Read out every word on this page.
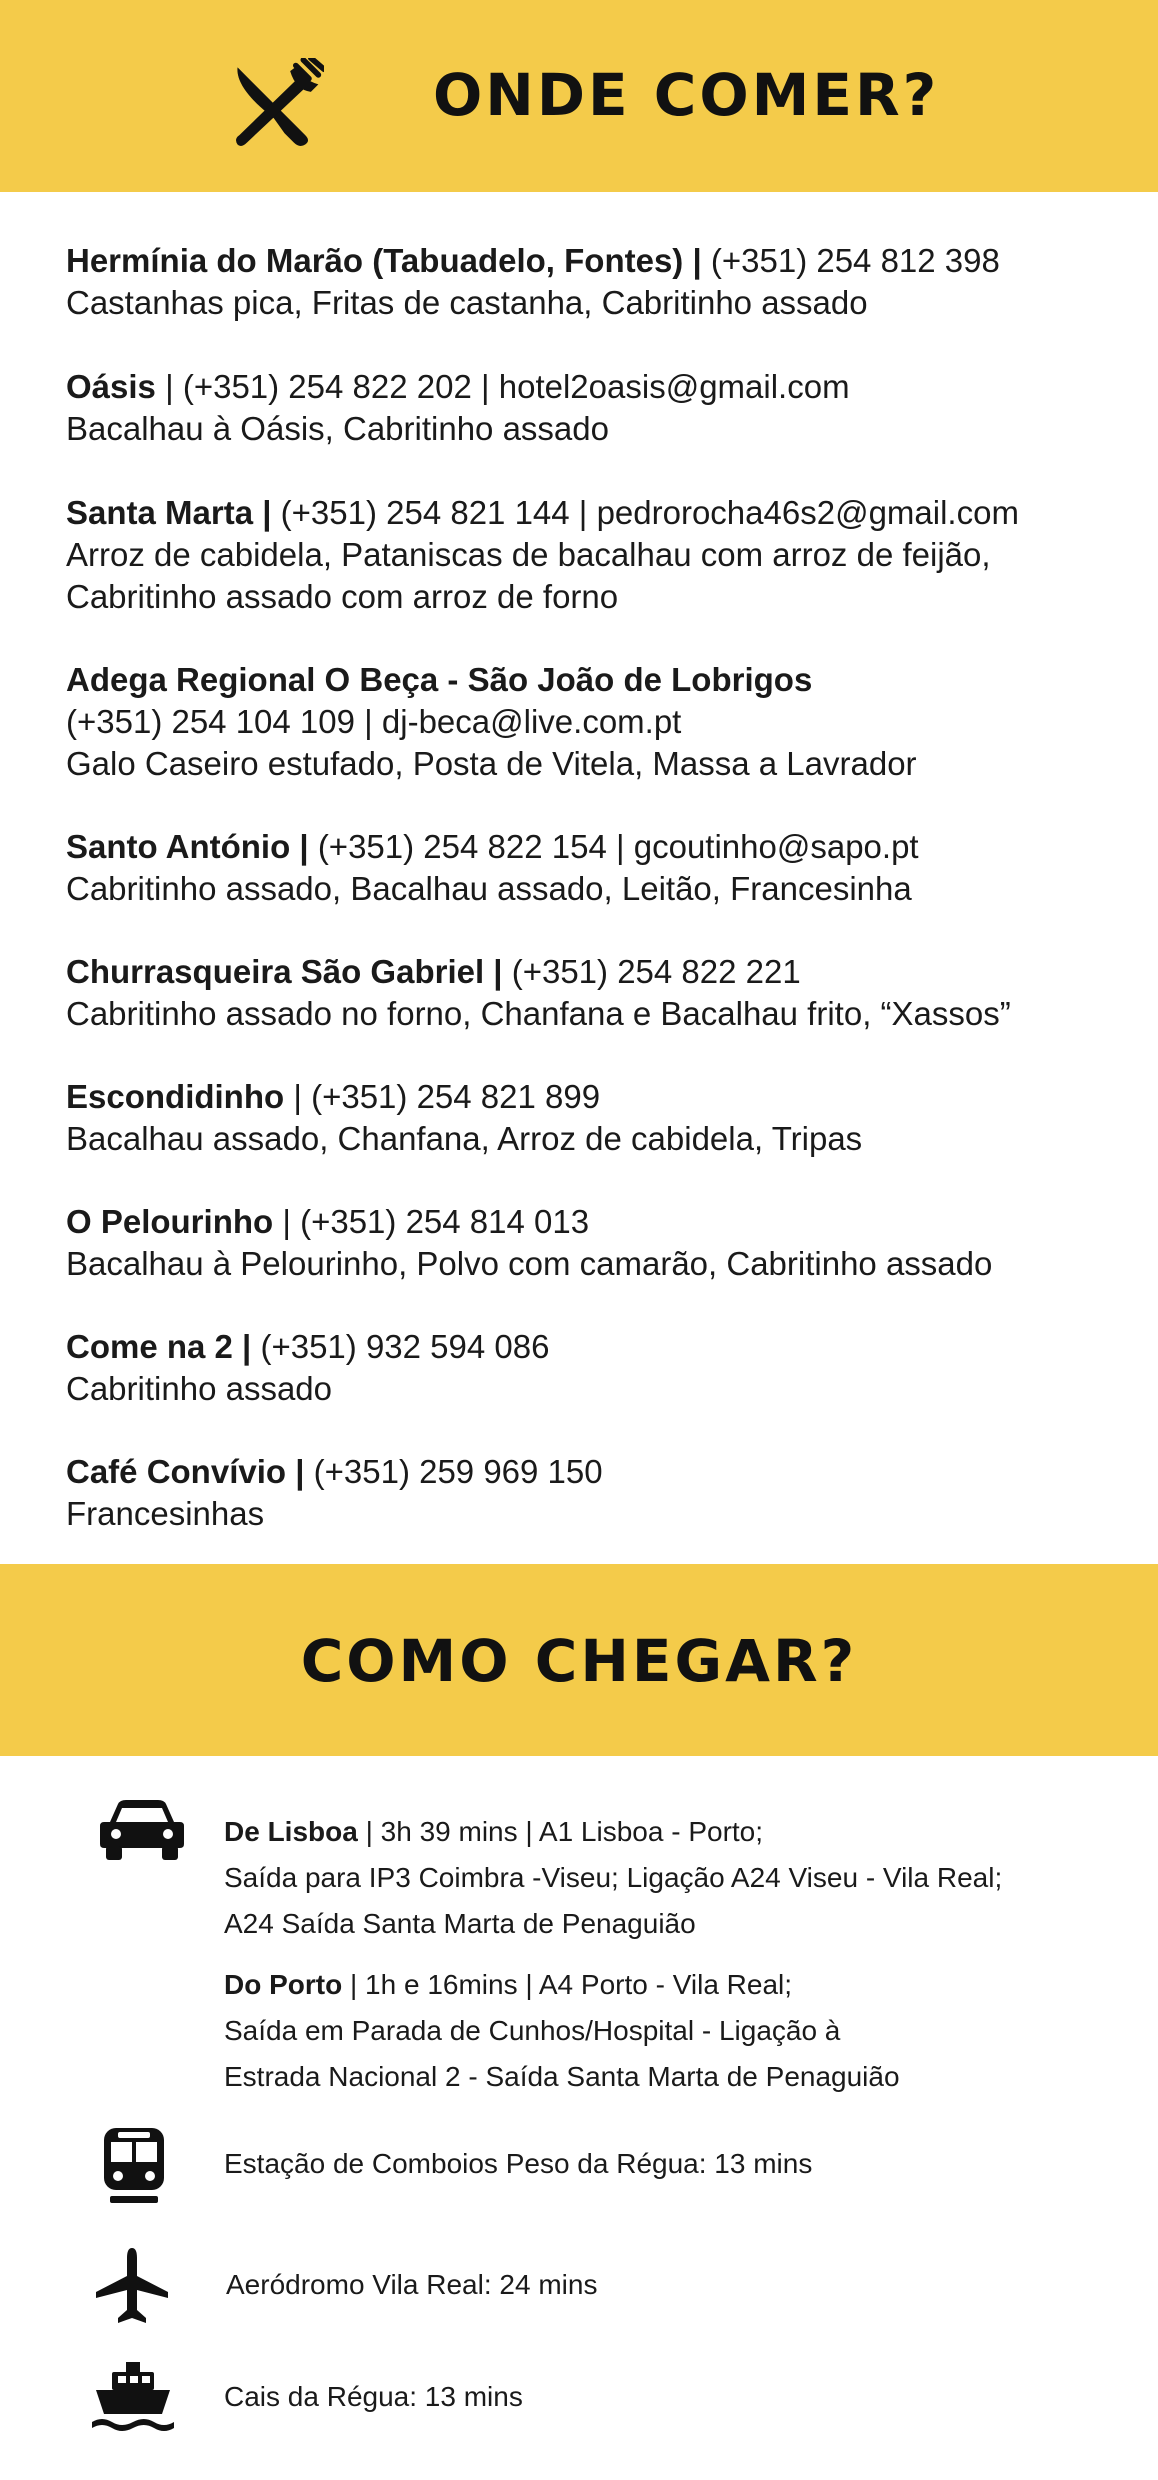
ONDE COMER?
Hermínia do Marão (Tabuadelo, Fontes) | (+351) 254 812 398
Castanhas pica, Fritas de castanha, Cabritinho assado
Oásis | (+351) 254 822 202 | hotel2oasis@gmail.com
Bacalhau à Oásis, Cabritinho assado
Santa Marta | (+351) 254 821 144 | pedrorocha46s2@gmail.com
Arroz de cabidela, Pataniscas de bacalhau com arroz de feijão,
Cabritinho assado com arroz de forno
Adega Regional O Beça - São João de Lobrigos
(+351) 254 104 109 | dj-beca@live.com.pt
Galo Caseiro estufado, Posta de Vitela, Massa a Lavrador
Santo António | (+351) 254 822 154 | gcoutinho@sapo.pt
Cabritinho assado, Bacalhau assado, Leitão, Francesinha
Churrasqueira São Gabriel | (+351) 254 822 221
Cabritinho assado no forno, Chanfana e Bacalhau frito, “Xassos”
Escondidinho | (+351) 254 821 899
Bacalhau assado, Chanfana, Arroz de cabidela, Tripas
O Pelourinho | (+351) 254 814 013
Bacalhau à Pelourinho, Polvo com camarão, Cabritinho assado
Come na 2 | (+351) 932 594 086
Cabritinho assado
Café Convívio | (+351) 259 969 150
Francesinhas
COMO CHEGAR?
De Lisboa | 3h 39 mins | A1 Lisboa - Porto;
Saída para IP3 Coimbra -Viseu; Ligação A24 Viseu - Vila Real;
A24 Saída Santa Marta de Penaguião
Do Porto | 1h e 16mins | A4 Porto - Vila Real;
Saída em Parada de Cunhos/Hospital - Ligação à
Estrada Nacional 2 - Saída Santa Marta de Penaguião
Estação de Comboios Peso da Régua: 13 mins
Aeródromo Vila Real: 24 mins
Cais da Régua: 13 mins
